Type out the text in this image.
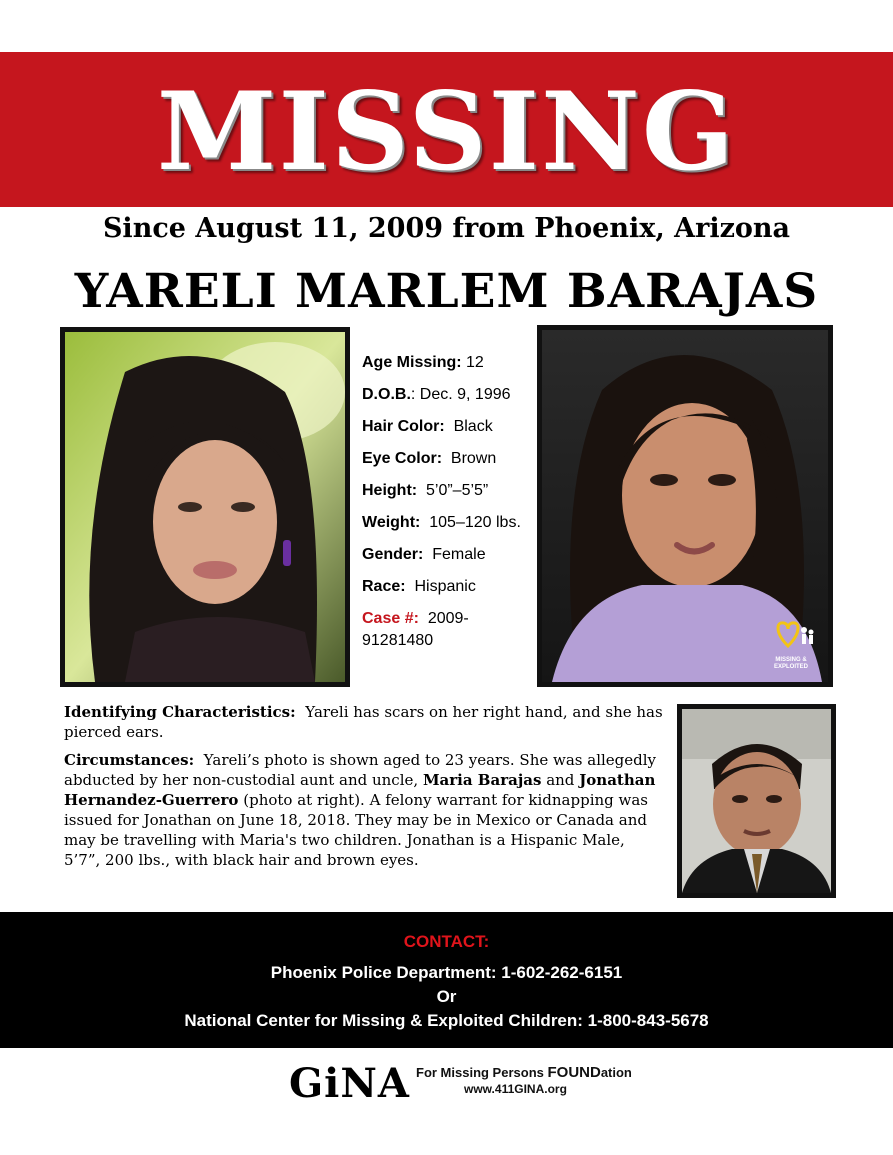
MISSING
Since August 11, 2009 from Phoenix, Arizona
YARELI MARLEM BARAJAS
Age Missing: 12
D.O.B.: Dec. 9, 1996
Hair Color: Black
Eye Color: Brown
Height: 5’0”–5’5”
Weight: 105–120 lbs.
Gender: Female
Race: Hispanic
Case #: 2009-91281480
MISSING &
EXPLOITED

Identifying Characteristics: Yareli has scars on her right hand, and she has pierced ears.

Circumstances: Yareli’s photo is shown aged to 23 years. She was allegedly abducted by her non-custodial aunt and uncle, Maria Barajas and Jonathan Hernandez-Guerrero (photo at right). A felony warrant for kidnapping was issued for Jonathan on June 18, 2018. They may be in Mexico or Canada and may be travelling with Maria's two children. Jonathan is a Hispanic Male, 5’7”, 200 lbs., with black hair and brown eyes.

CONTACT:
Phoenix Police Department: 1-602-262-6151
Or
National Center for Missing & Exploited Children: 1-800-843-5678
GiNA For Missing Persons FOUNDation
www.411GINA.org
